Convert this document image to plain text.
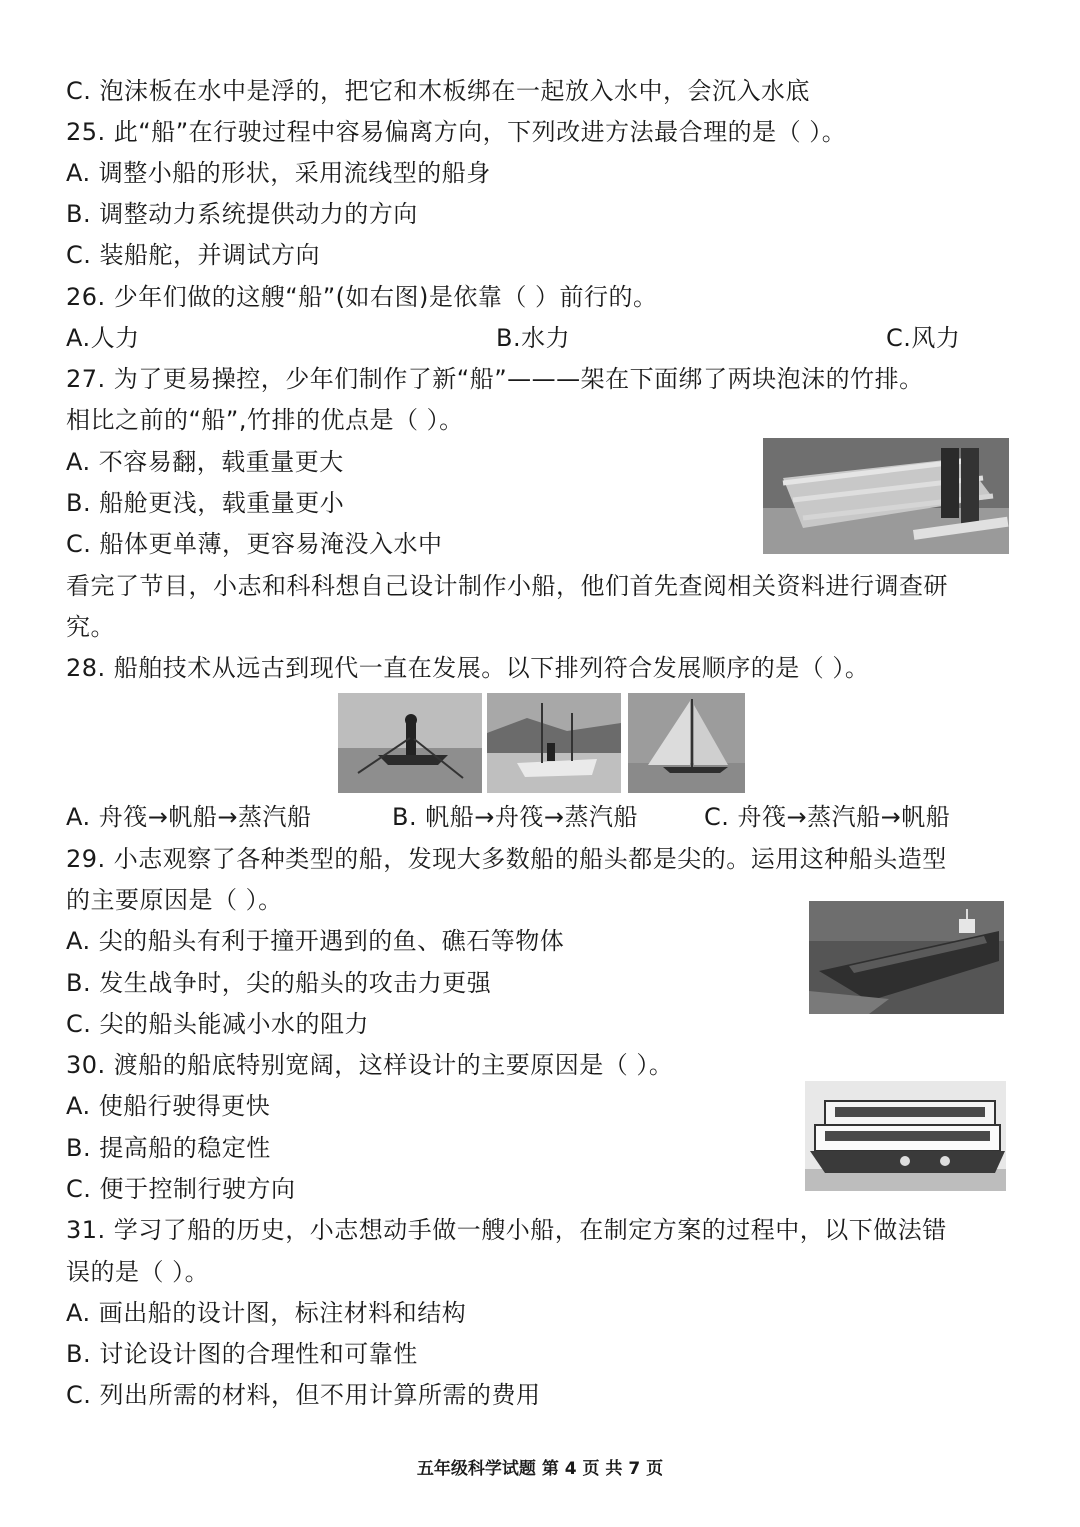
C. 泡沫板在水中是浮的，把它和木板绑在一起放入水中，会沉入水底
25. 此“船”在行驶过程中容易偏离方向，下列改进方法最合理的是（ ）。
A. 调整小船的形状，采用流线型的船身
B. 调整动力系统提供动力的方向
C. 装船舵，并调试方向
26. 少年们做的这艘“船”(如右图)是依靠（ ）前行的。
A.人力	B.水力	C.风力
27. 为了更易操控，少年们制作了新“船”———架在下面绑了两块泡沫的竹排。
相比之前的“船”,竹排的优点是（ ）。
A. 不容易翻，载重量更大
B. 船舱更浅，载重量更小
C. 船体更单薄，更容易淹没入水中
看完了节目，小志和科科想自己设计制作小船，他们首先查阅相关资料进行调查研
究。
28. 船舶技术从远古到现代一直在发展。以下排列符合发展顺序的是（ ）。
A. 舟筏→帆船→蒸汽船	B. 帆船→舟筏→蒸汽船	C. 舟筏→蒸汽船→帆船
29. 小志观察了各种类型的船，发现大多数船的船头都是尖的。运用这种船头造型
的主要原因是（ ）。
A. 尖的船头有利于撞开遇到的鱼、礁石等物体
B. 发生战争时，尖的船头的攻击力更强
C. 尖的船头能减小水的阻力
30. 渡船的船底特别宽阔，这样设计的主要原因是（ ）。
A. 使船行驶得更快
B. 提高船的稳定性
C. 便于控制行驶方向
31. 学习了船的历史，小志想动手做一艘小船，在制定方案的过程中，以下做法错
误的是（ ）。
A. 画出船的设计图，标注材料和结构
B. 讨论设计图的合理性和可靠性
C. 列出所需的材料，但不用计算所需的费用
五年级科学试题 第 4 页 共 7 页
